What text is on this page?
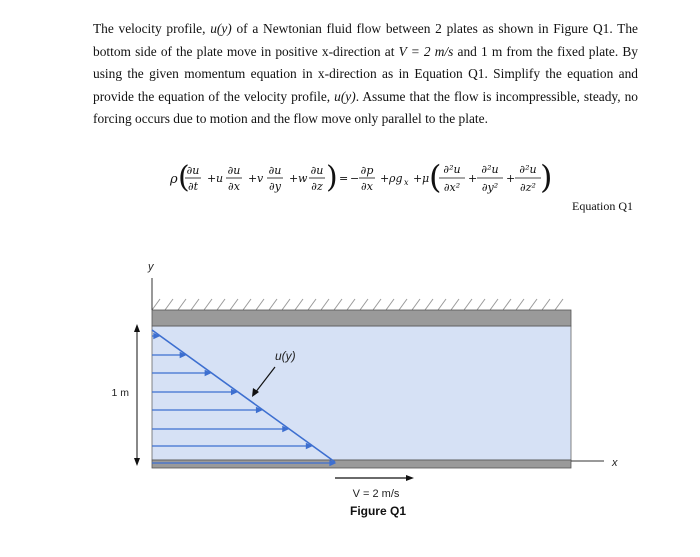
The velocity profile, u(y) of a Newtonian fluid flow between 2 plates as shown in Figure Q1. The bottom side of the plate move in positive x-direction at V = 2 m/s and 1 m from the fixed plate. By using the given momentum equation in x-direction as in Equation Q1. Simplify the equation and provide the equation of the velocity profile, u(y). Assume that the flow is incompressible, steady, no forcing occurs due to motion and the flow move only parallel to the plate.
ρ (
∂u
∂t
+ u
∂u
∂x
+ v
∂u
∂y
+ w
∂u
∂z ) = −
∂p
∂x
+ ρg x + μ ( ∂²u
∂x²
+
∂²u
∂y²
+
∂²u
∂z² )
Equation Q1
y
x
u(y)
1 m
V = 2 m/s
Figure Q1
